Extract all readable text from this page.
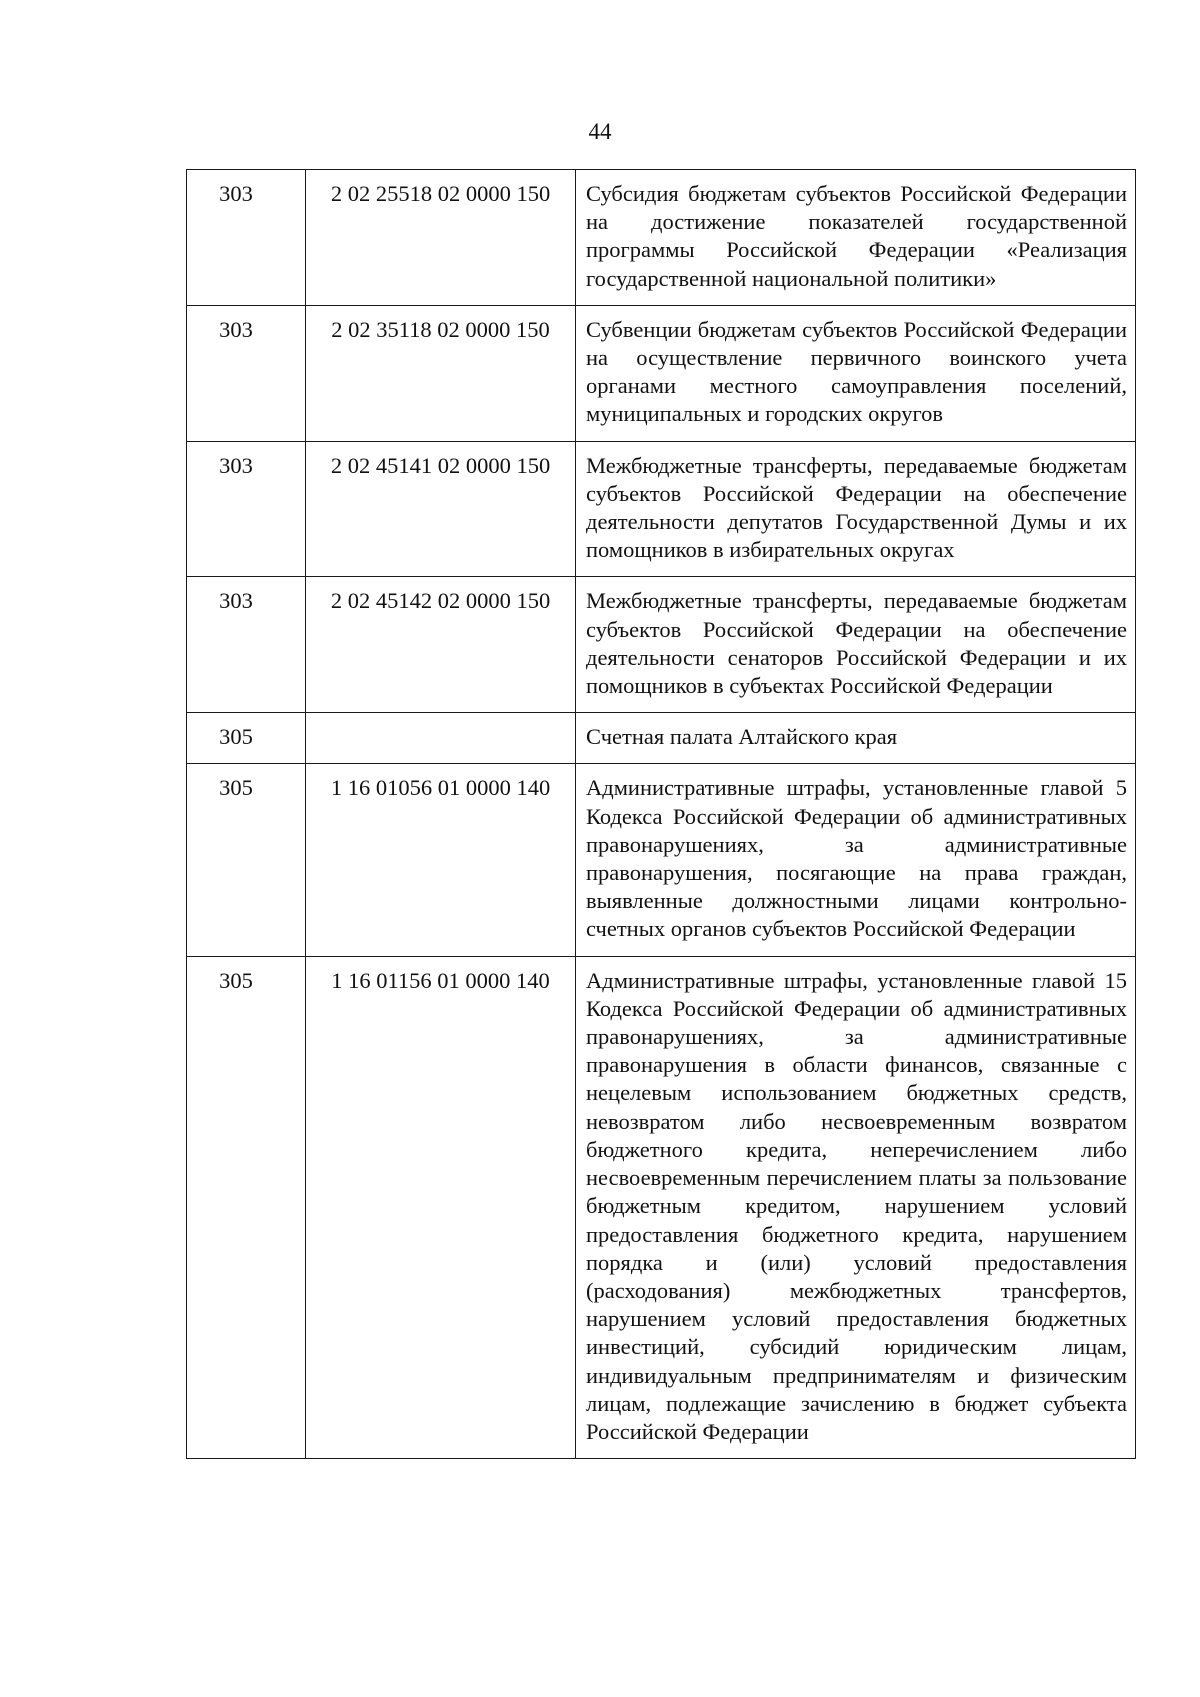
44
303	2 02 25518 02 0000 150	Субсидия бюджетам субъектов Российской Федерации на достижение показателей государственной программы Российской Федерации «Реализация государственной национальной политики»
303	2 02 35118 02 0000 150	Субвенции бюджетам субъектов Российской Федерации на осуществление первичного воинского учета органами местного самоуправления поселений, муниципальных и городских округов
303	2 02 45141 02 0000 150	Межбюджетные трансферты, передаваемые бюджетам субъектов Российской Федерации на обеспечение деятельности депутатов Государственной Думы и их помощников в избирательных округах
303	2 02 45142 02 0000 150	Межбюджетные трансферты, передаваемые бюджетам субъектов Российской Федерации на обеспечение деятельности сенаторов Российской Федерации и их помощников в субъектах Российской Федерации
305		Счетная палата Алтайского края
305	1 16 01056 01 0000 140	Административные штрафы, установленные главой 5 Кодекса Российской Федерации об административных правонарушениях, за административные правонарушения, посягающие на права граждан, выявленные должностными лицами контрольно-счетных органов субъектов Российской Федерации
305	1 16 01156 01 0000 140	Административные штрафы, установленные главой 15 Кодекса Российской Федерации об административных правонарушениях, за административные правонарушения в области финансов, связанные с нецелевым использованием бюджетных средств, невозвратом либо несвоевременным возвратом бюджетного кредита, неперечислением либо несвоевременным перечислением платы за пользование бюджетным кредитом, нарушением условий предоставления бюджетного кредита, нарушением порядка и (или) условий предоставления (расходования) межбюджетных трансфертов, нарушением условий предоставления бюджетных инвестиций, субсидий юридическим лицам, индивидуальным предпринимателям и физическим лицам, подлежащие зачислению в бюджет субъекта Российской Федерации
